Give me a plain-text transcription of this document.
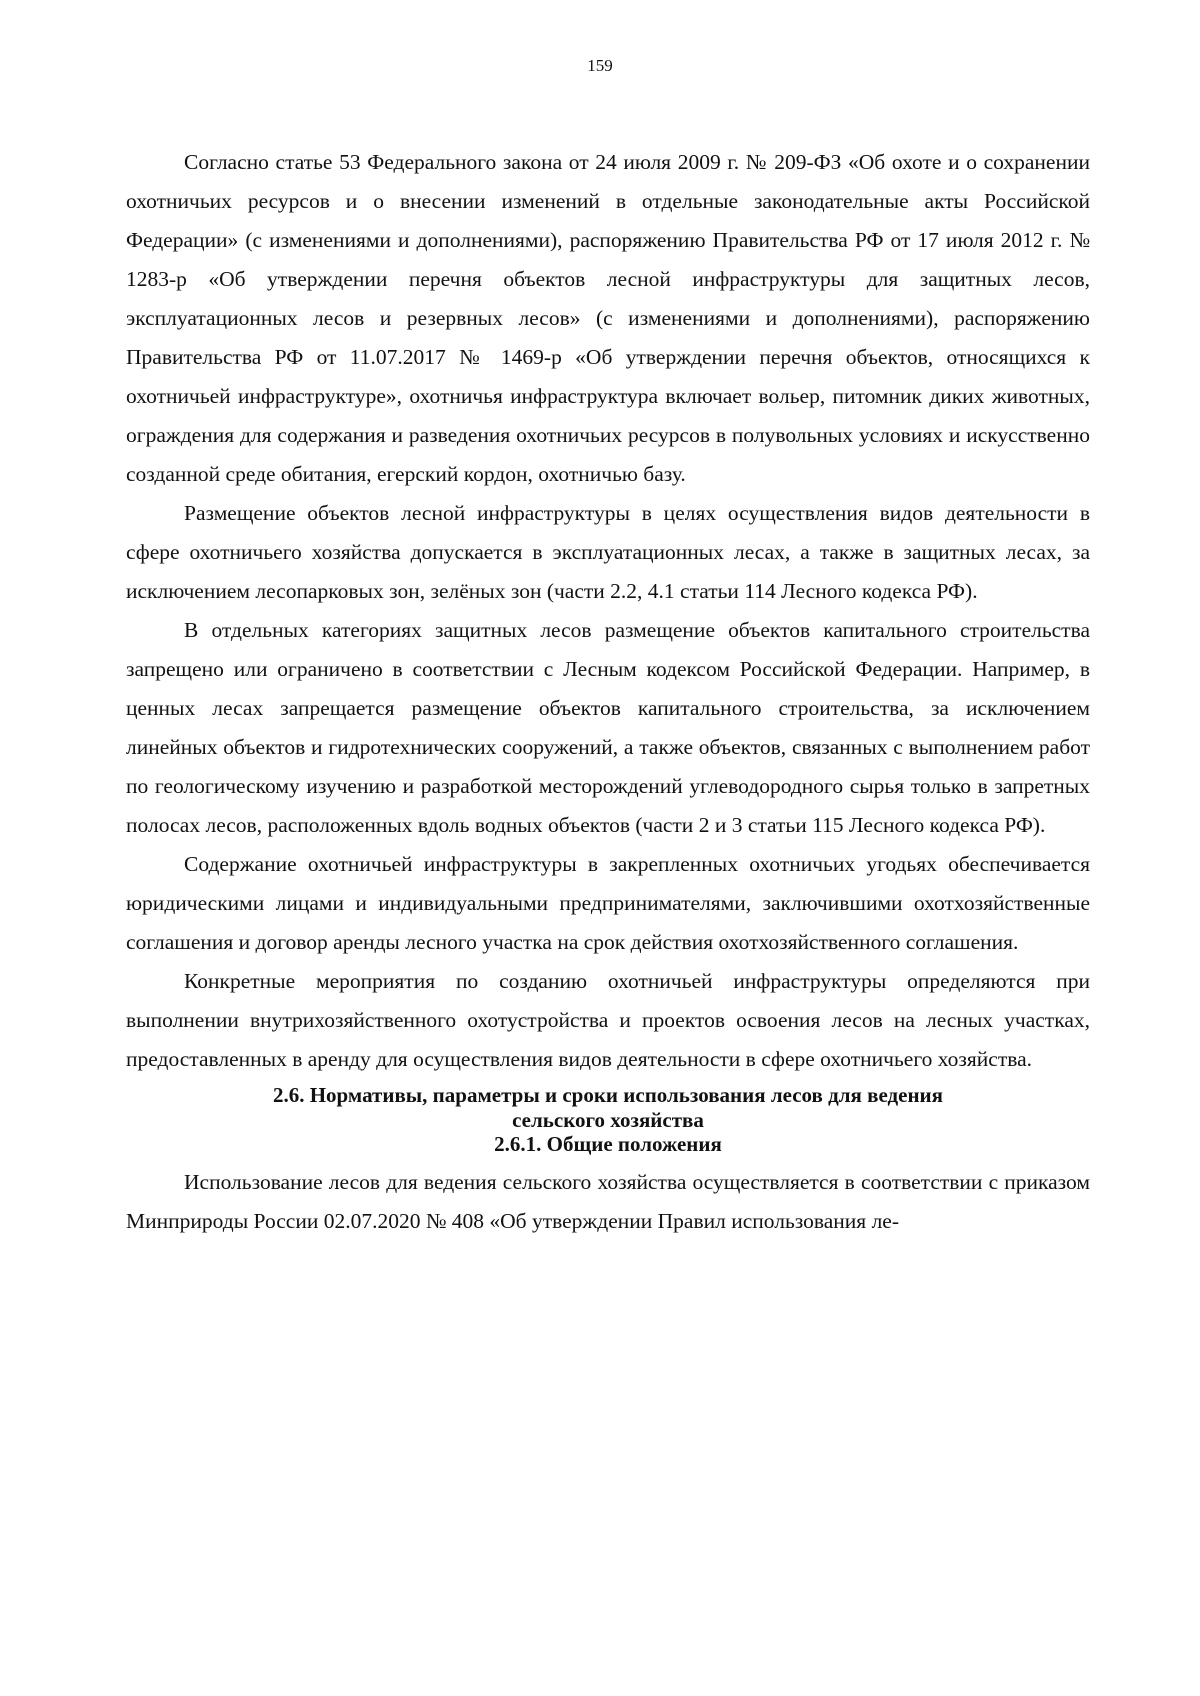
159

Согласно статье 53 Федерального закона от 24 июля 2009 г. № 209-ФЗ «Об охоте и о сохранении охотничьих ресурсов и о внесении изменений в отдельные законодательные акты Российской Федерации» (с изменениями и дополнениями), распоряжению Правительства РФ от 17 июля 2012 г. № 1283-р «Об утверждении перечня объектов лесной инфраструктуры для защитных лесов, эксплуатационных лесов и резервных лесов» (с изменениями и дополнениями), распоряжению Правительства РФ от 11.07.2017 № 1469-р «Об утверждении перечня объектов, относящихся к охотничьей инфраструктуре», охотничья инфраструктура включает вольер, питомник диких животных, ограждения для содержания и разведения охотничьих ресурсов в полувольных условиях и искусственно созданной среде обитания, егерский кордон, охотничью базу.

Размещение объектов лесной инфраструктуры в целях осуществления видов деятельности в сфере охотничьего хозяйства допускается в эксплуатационных лесах, а также в защитных лесах, за исключением лесопарковых зон, зелёных зон (части 2.2, 4.1 статьи 114 Лесного кодекса РФ).

В отдельных категориях защитных лесов размещение объектов капитального строительства запрещено или ограничено в соответствии с Лесным кодексом Российской Федерации. Например, в ценных лесах запрещается размещение объектов капитального строительства, за исключением линейных объектов и гидротехнических сооружений, а также объектов, связанных с выполнением работ по геологическому изучению и разработкой месторождений углеводородного сырья только в запретных полосах лесов, расположенных вдоль водных объектов (части 2 и 3 статьи 115 Лесного кодекса РФ).

Содержание охотничьей инфраструктуры в закрепленных охотничьих угодьях обеспечивается юридическими лицами и индивидуальными предпринимателями, заключившими охотхозяйственные соглашения и договор аренды лесного участка на срок действия охотхозяйственного соглашения.

Конкретные мероприятия по созданию охотничьей инфраструктуры определяются при выполнении внутрихозяйственного охотустройства и проектов освоения лесов на лесных участках, предоставленных в аренду для осуществления видов деятельности в сфере охотничьего хозяйства.

2.6. Нормативы, параметры и сроки использования лесов для ведения
сельского хозяйства
2.6.1. Общие положения

Использование лесов для ведения сельского хозяйства осуществляется в соответствии с приказом Минприроды России 02.07.2020 № 408 «Об утверждении Правил использования ле-
